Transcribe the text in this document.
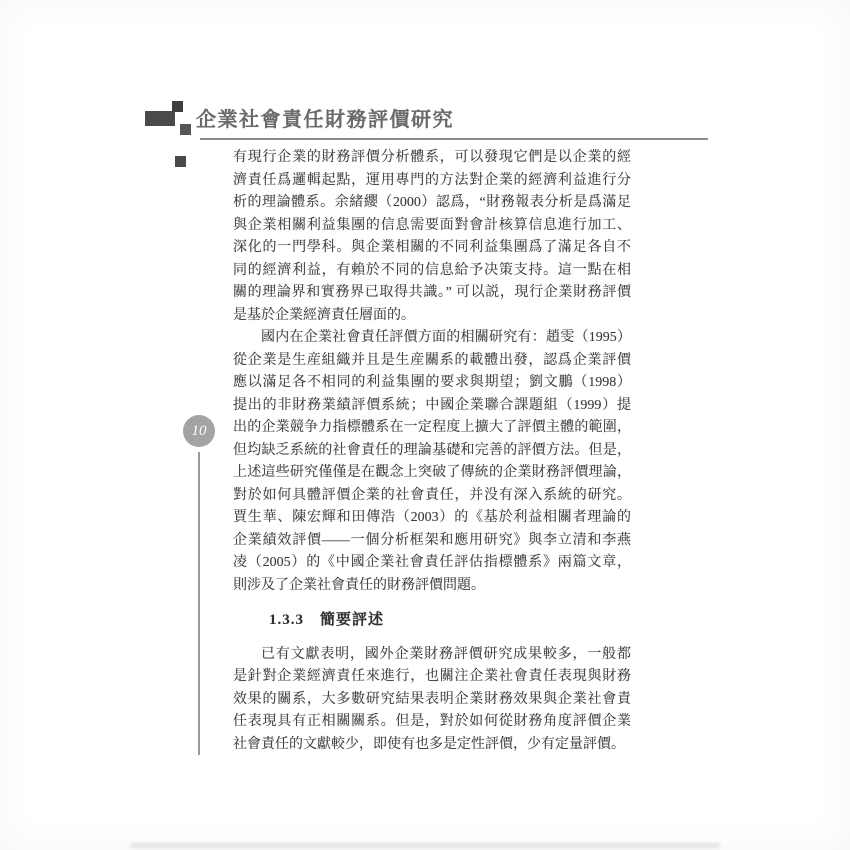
企業社會責任財務評價研究
10
有現行企業的財務評價分析體系，可以發現它們是以企業的經
濟責任爲邏輯起點，運用專門的方法對企業的經濟利益進行分
析的理論體系。余緒纓（2000）認爲，“財務報表分析是爲滿足
與企業相關利益集團的信息需要面對會計核算信息進行加工、
深化的一門學科。與企業相關的不同利益集團爲了滿足各自不
同的經濟利益，有賴於不同的信息給予决策支持。這一點在相
關的理論界和實務界已取得共識。” 可以説，現行企業財務評價
是基於企業經濟責任層面的。
國内在企業社會責任評價方面的相關研究有：趙雯（1995）
從企業是生産組織并且是生産關系的載體出發，認爲企業評價
應以滿足各不相同的利益集團的要求與期望；劉文鵬（1998）
提出的非財務業績評價系統；中國企業聯合課題組（1999）提
出的企業競争力指標體系在一定程度上擴大了評價主體的範圍，
但均缺乏系統的社會責任的理論基礎和完善的評價方法。但是，
上述這些研究僅僅是在觀念上突破了傳統的企業財務評價理論，
對於如何具體評價企業的社會責任，并没有深入系統的研究。
賈生華、陳宏輝和田傳浩（2003）的《基於利益相關者理論的
企業績效評價——一個分析框架和應用研究》與李立清和李燕
凌（2005）的《中國企業社會責任評估指標體系》兩篇文章，
則涉及了企業社會責任的財務評價問題。
1.3.3　簡要評述
已有文獻表明，國外企業財務評價研究成果較多，一般都
是針對企業經濟責任來進行，也關注企業社會責任表現與財務
效果的關系，大多數研究結果表明企業財務效果與企業社會責
任表現具有正相關關系。但是，對於如何從財務角度評價企業
社會責任的文獻較少，即使有也多是定性評價，少有定量評價。
